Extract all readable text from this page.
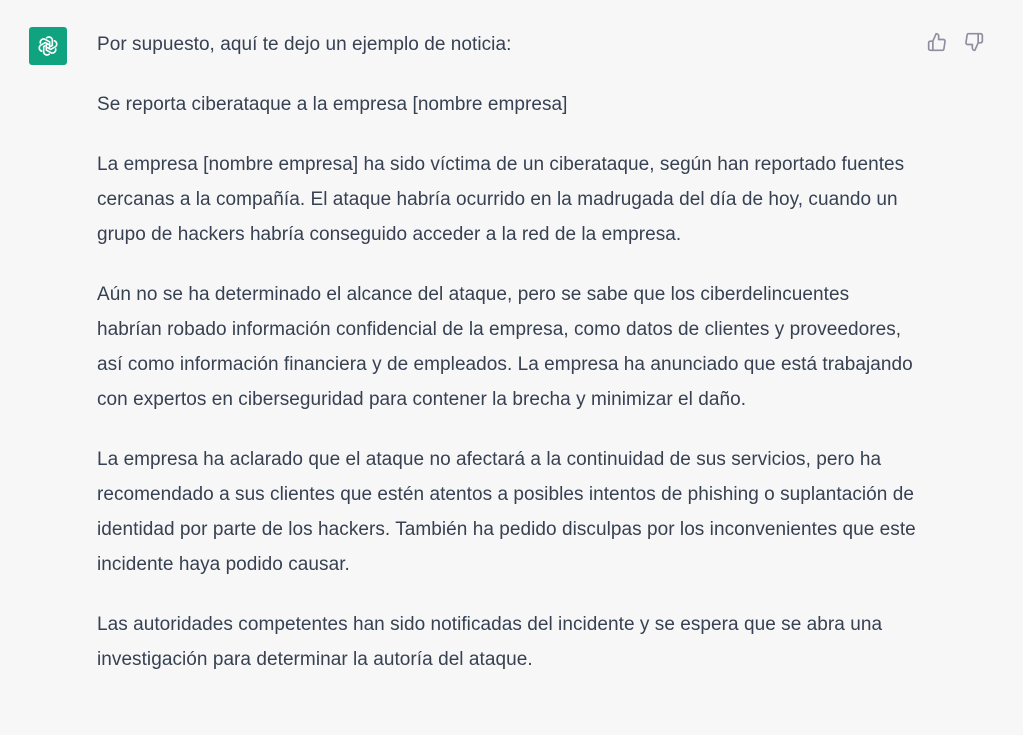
Por supuesto, aquí te dejo un ejemplo de noticia:

Se reporta ciberataque a la empresa [nombre empresa]

La empresa [nombre empresa] ha sido víctima de un ciberataque, según han reportado fuentes cercanas a la compañía. El ataque habría ocurrido en la madrugada del día de hoy, cuando un grupo de hackers habría conseguido acceder a la red de la empresa.

Aún no se ha determinado el alcance del ataque, pero se sabe que los ciberdelincuentes habrían robado información confidencial de la empresa, como datos de clientes y proveedores, así como información financiera y de empleados. La empresa ha anunciado que está trabajando con expertos en ciberseguridad para contener la brecha y minimizar el daño.

La empresa ha aclarado que el ataque no afectará a la continuidad de sus servicios, pero ha recomendado a sus clientes que estén atentos a posibles intentos de phishing o suplantación de identidad por parte de los hackers. También ha pedido disculpas por los inconvenientes que este incidente haya podido causar.

Las autoridades competentes han sido notificadas del incidente y se espera que se abra una investigación para determinar la autoría del ataque.
